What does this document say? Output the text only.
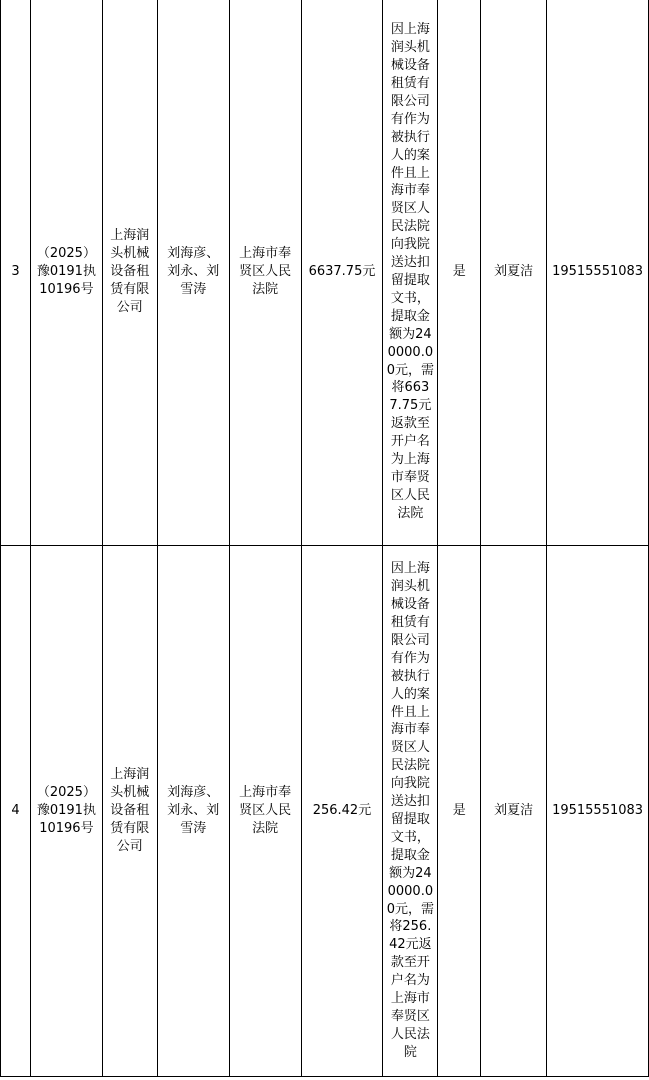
3	（2025）豫0191执10196号	上海润头机械设备租赁有限公司	刘海彦、刘永、刘雪涛	上海市奉贤区人民法院	6637.75元	因上海润头机械设备租赁有限公司有作为被执行人的案件且上海市奉贤区人民法院向我院送达扣留提取文书，提取金额为240000.00元，需将6637.75元返款至开户名为上海市奉贤区人民法院	是	刘夏洁	19515551083
4	（2025）豫0191执10196号	上海润头机械设备租赁有限公司	刘海彦、刘永、刘雪涛	上海市奉贤区人民法院	256.42元	因上海润头机械设备租赁有限公司有作为被执行人的案件且上海市奉贤区人民法院向我院送达扣留提取文书，提取金额为240000.00元，需将256.42元返款至开户名为上海市奉贤区人民法院	是	刘夏洁	19515551083
